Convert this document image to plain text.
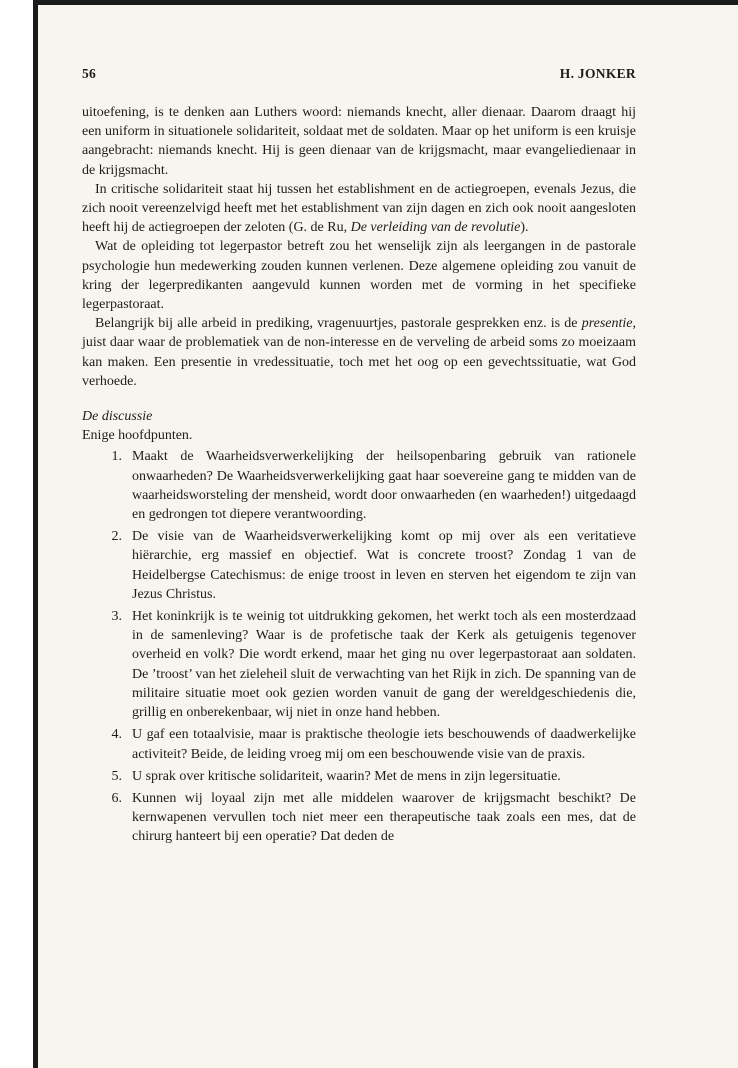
56	H. JONKER

uitoefening, is te denken aan Luthers woord: niemands knecht, aller dienaar. Daarom draagt hij een uniform in situationele solidariteit, soldaat met de soldaten. Maar op het uniform is een kruisje aangebracht: niemands knecht. Hij is geen dienaar van de krijgsmacht, maar evangeliedienaar in de krijgsmacht.

In critische solidariteit staat hij tussen het establishment en de actiegroepen, evenals Jezus, die zich nooit vereenzelvigd heeft met het establishment van zijn dagen en zich ook nooit aangesloten heeft hij de actiegroepen der zeloten (G. de Ru, De verleiding van de revolutie).

Wat de opleiding tot legerpastor betreft zou het wenselijk zijn als leergangen in de pastorale psychologie hun medewerking zouden kunnen verlenen. Deze algemene opleiding zou vanuit de kring der legerpredikanten aangevuld kunnen worden met de vorming in het specifieke legerpastoraat.

Belangrijk bij alle arbeid in prediking, vragenuurtjes, pastorale gesprekken enz. is de presentie, juist daar waar de problematiek van de non-interesse en de verveling de arbeid soms zo moeizaam kan maken. Een presentie in vredessituatie, toch met het oog op een gevechtssituatie, wat God verhoede.

De discussie

Enige hoofdpunten.

1. Maakt de Waarheidsverwerkelijking der heilsopenbaring gebruik van rationele onwaarheden? De Waarheidsverwerkelijking gaat haar soevereine gang te midden van de waarheidsworsteling der mensheid, wordt door onwaarheden (en waarheden!) uitgedaagd en gedrongen tot diepere verantwoording.
2. De visie van de Waarheidsverwerkelijking komt op mij over als een veritatieve hiërarchie, erg massief en objectief. Wat is concrete troost? Zondag 1 van de Heidelbergse Catechismus: de enige troost in leven en sterven het eigendom te zijn van Jezus Christus.
3. Het koninkrijk is te weinig tot uitdrukking gekomen, het werkt toch als een mosterdzaad in de samenleving? Waar is de profetische taak der Kerk als getuigenis tegenover overheid en volk? Die wordt erkend, maar het ging nu over legerpastoraat aan soldaten. De ’troost’ van het zieleheil sluit de verwachting van het Rijk in zich. De spanning van de militaire situatie moet ook gezien worden vanuit de gang der wereldgeschiedenis die, grillig en onberekenbaar, wij niet in onze hand hebben.
4. U gaf een totaalvisie, maar is praktische theologie iets beschouwends of daadwerkelijke activiteit? Beide, de leiding vroeg mij om een beschouwende visie van de praxis.
5. U sprak over kritische solidariteit, waarin? Met de mens in zijn legersituatie.
6. Kunnen wij loyaal zijn met alle middelen waarover de krijgsmacht beschikt? De kernwapenen vervullen toch niet meer een therapeutische taak zoals een mes, dat de chirurg hanteert bij een operatie? Dat deden de
